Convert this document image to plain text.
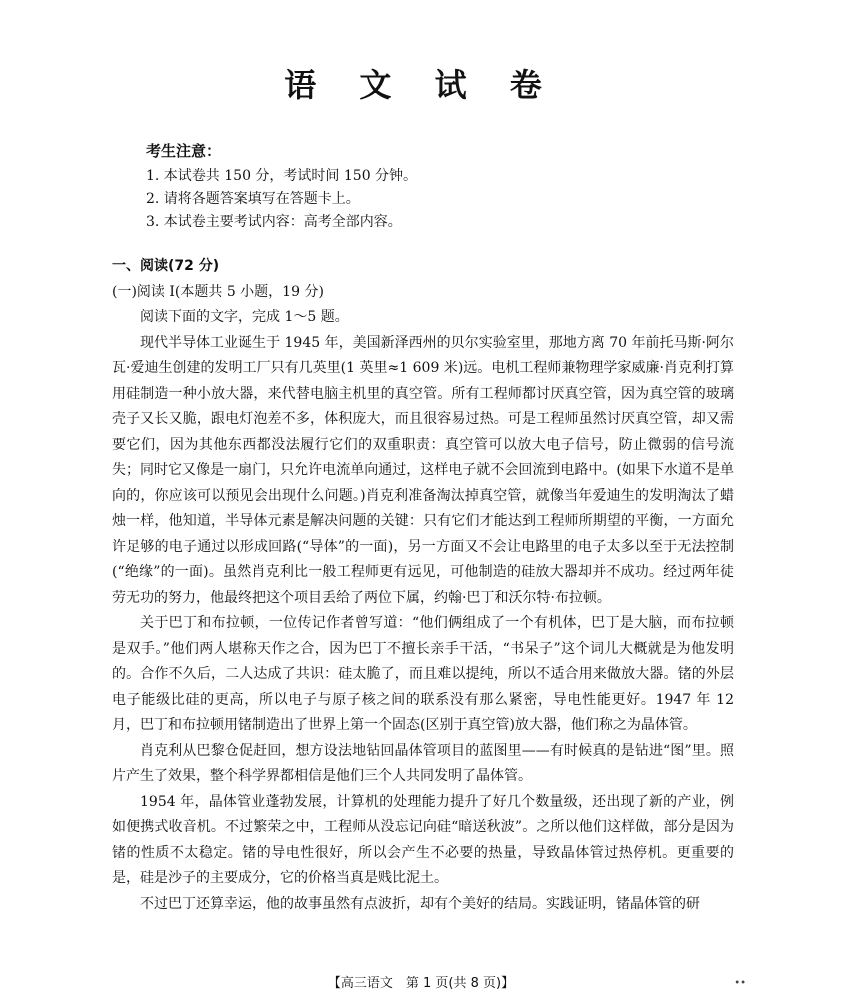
语 文 试 卷
考生注意：
1. 本试卷共 150 分，考试时间 150 分钟。
2. 请将各题答案填写在答题卡上。
3. 本试卷主要考试内容：高考全部内容。
一、阅读(72 分)
(一)阅读 Ⅰ(本题共 5 小题，19 分)

阅读下面的文字，完成 1～5 题。

现代半导体工业诞生于 1945 年，美国新泽西州的贝尔实验室里，那地方离 70 年前托马斯·阿尔瓦·爱迪生创建的发明工厂只有几英里(1 英里≈1 609 米)远。电机工程师兼物理学家威廉·肖克利打算用硅制造一种小放大器，来代替电脑主机里的真空管。所有工程师都讨厌真空管，因为真空管的玻璃壳子又长又脆，跟电灯泡差不多，体积庞大，而且很容易过热。可是工程师虽然讨厌真空管，却又需要它们，因为其他东西都没法履行它们的双重职责：真空管可以放大电子信号，防止微弱的信号流失；同时它又像是一扇门，只允许电流单向通过，这样电子就不会回流到电路中。(如果下水道不是单向的，你应该可以预见会出现什么问题。)肖克利准备淘汰掉真空管，就像当年爱迪生的发明淘汰了蜡烛一样，他知道，半导体元素是解决问题的关键：只有它们才能达到工程师所期望的平衡，一方面允许足够的电子通过以形成回路(“导体”的一面)，另一方面又不会让电路里的电子太多以至于无法控制(“绝缘”的一面)。虽然肖克利比一般工程师更有远见，可他制造的硅放大器却并不成功。经过两年徒劳无功的努力，他最终把这个项目丢给了两位下属，约翰·巴丁和沃尔特·布拉顿。

关于巴丁和布拉顿，一位传记作者曾写道：“他们俩组成了一个有机体，巴丁是大脑，而布拉顿是双手。”他们两人堪称天作之合，因为巴丁不擅长亲手干活，“书呆子”这个词儿大概就是为他发明的。合作不久后，二人达成了共识：硅太脆了，而且难以提纯，所以不适合用来做放大器。锗的外层电子能级比硅的更高，所以电子与原子核之间的联系没有那么紧密，导电性能更好。1947 年 12 月，巴丁和布拉顿用锗制造出了世界上第一个固态(区别于真空管)放大器，他们称之为晶体管。

肖克利从巴黎仓促赶回，想方设法地钻回晶体管项目的蓝图里——有时候真的是钻进“图”里。照片产生了效果，整个科学界都相信是他们三个人共同发明了晶体管。

1954 年，晶体管业蓬勃发展，计算机的处理能力提升了好几个数量级，还出现了新的产业，例如便携式收音机。不过繁荣之中，工程师从没忘记向硅“暗送秋波”。之所以他们这样做，部分是因为锗的性质不太稳定。锗的导电性很好，所以会产生不必要的热量，导致晶体管过热停机。更重要的是，硅是沙子的主要成分，它的价格当真是贱比泥土。

不过巴丁还算幸运，他的故事虽然有点波折，却有个美好的结局。实践证明，锗晶体管的研

【高三语文　第 1 页(共 8 页)】	••
